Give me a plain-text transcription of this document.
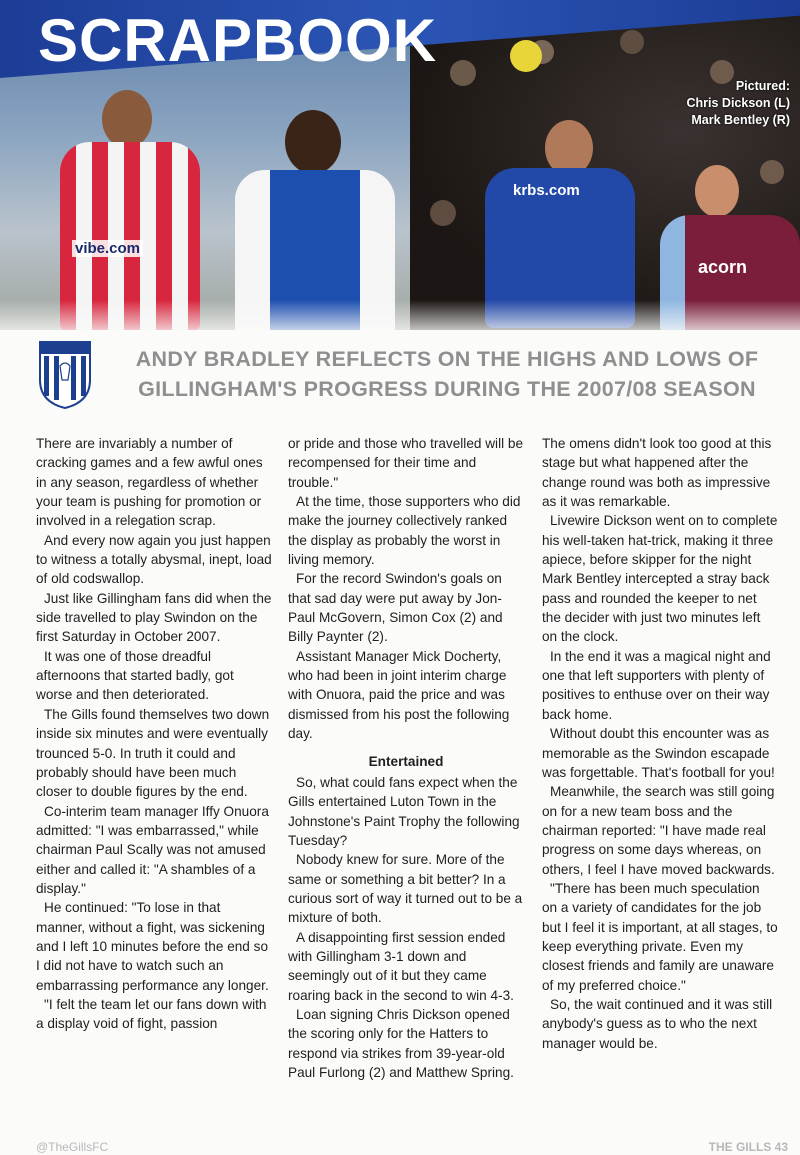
vibe.com
krbs.com
acorn
SCRAPBOOK
Pictured:
Chris Dickson (L)
Mark Bentley (R)
ANDY BRADLEY REFLECTS ON THE HIGHS AND LOWS OF
GILLINGHAM'S PROGRESS DURING THE 2007/08 SEASON

There are invariably a number of cracking games and a few awful ones in any season, regardless of whether your team is pushing for promotion or involved in a relegation scrap.

And every now again you just happen to witness a totally abysmal, inept, load of old codswallop.

Just like Gillingham fans did when the side travelled to play Swindon on the first Saturday in October 2007.

It was one of those dreadful afternoons that started badly, got worse and then deteriorated.

The Gills found themselves two down inside six minutes and were eventually trounced 5-0. In truth it could and probably should have been much closer to double figures by the end.

Co-interim team manager Iffy Onuora admitted: "I was embarrassed," while chairman Paul Scally was not amused either and called it: "A shambles of a display."

He continued: "To lose in that manner, without a fight, was sickening and I left 10 minutes before the end so I did not have to watch such an embarrassing performance any longer.

"I felt the team let our fans down with a display void of fight, passion

or pride and those who travelled will be recompensed for their time and trouble."

At the time, those supporters who did make the journey collectively ranked the display as probably the worst in living memory.

For the record Swindon's goals on that sad day were put away by Jon-Paul McGovern, Simon Cox (2) and Billy Paynter (2).

Assistant Manager Mick Docherty, who had been in joint interim charge with Onuora, paid the price and was dismissed from his post the following day.

Entertained

So, what could fans expect when the Gills entertained Luton Town in the Johnstone's Paint Trophy the following Tuesday?

Nobody knew for sure. More of the same or something a bit better? In a curious sort of way it turned out to be a mixture of both.

A disappointing first session ended with Gillingham 3-1 down and seemingly out of it but they came roaring back in the second to win 4-3.

Loan signing Chris Dickson opened the scoring only for the Hatters to respond via strikes from 39-year-old Paul Furlong (2) and Matthew Spring.

The omens didn't look too good at this stage but what happened after the change round was both as impressive as it was remarkable.

Livewire Dickson went on to complete his well-taken hat-trick, making it three apiece, before skipper for the night Mark Bentley intercepted a stray back pass and rounded the keeper to net the decider with just two minutes left on the clock.

In the end it was a magical night and one that left supporters with plenty of positives to enthuse over on their way back home.

Without doubt this encounter was as memorable as the Swindon escapade was forgettable. That's football for you!

Meanwhile, the search was still going on for a new team boss and the chairman reported: "I have made real progress on some days whereas, on others, I feel I have moved backwards.

"There has been much speculation on a variety of candidates for the job but I feel it is important, at all stages, to keep everything private. Even my closest friends and family are unaware of my preferred choice."

So, the wait continued and it was still anybody's guess as to who the next manager would be.

@TheGillsFC	THE GILLS 43
